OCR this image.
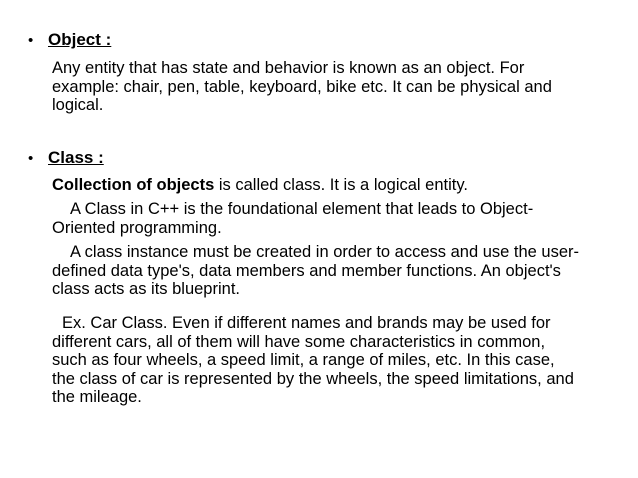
• Object :

Any entity that has state and behavior is known as an object. For example: chair, pen, table, keyboard, bike etc. It can be physical and logical.

• Class :

Collection of objects is called class. It is a logical entity.

A Class in C++ is the foundational element that leads to Object-Oriented programming.

A class instance must be created in order to access and use the user-defined data type's, data members and member functions. An object's class acts as its blueprint.

Ex. Car Class. Even if different names and brands may be used for different cars, all of them will have some characteristics in common, such as four wheels, a speed limit, a range of miles, etc. In this case, the class of car is represented by the wheels, the speed limitations, and the mileage.
